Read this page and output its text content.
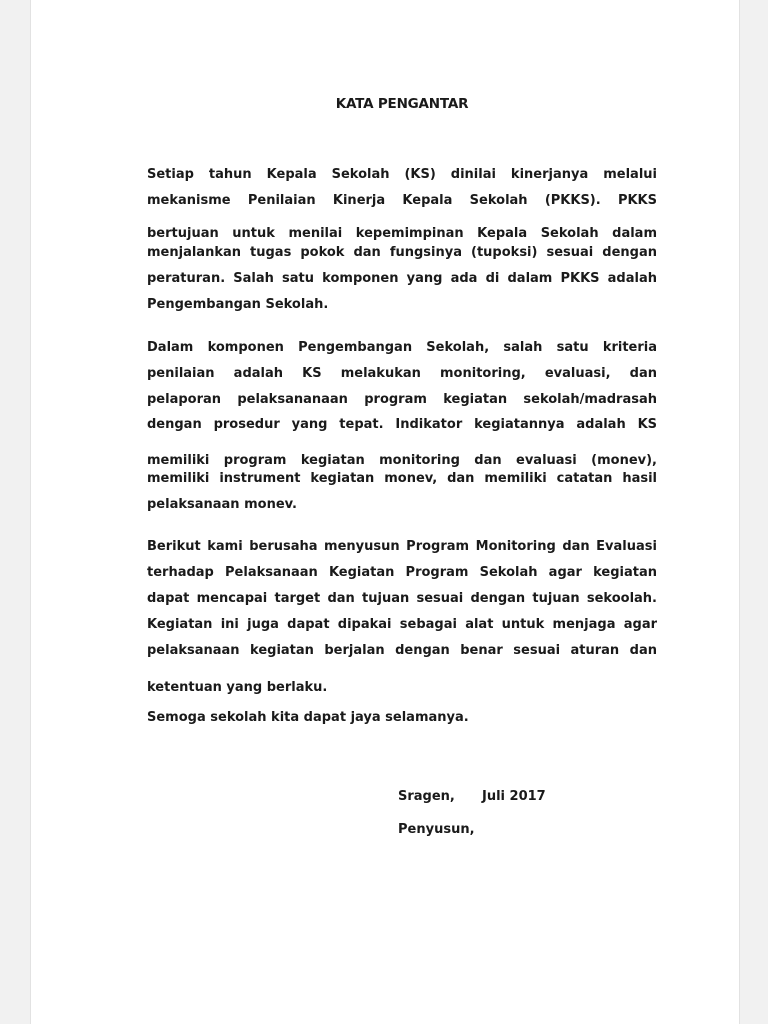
KATA PENGANTAR
Setiap tahun Kepala Sekolah (KS) dinilai kinerjanya melalui
mekanisme Penilaian Kinerja Kepala Sekolah (PKKS). PKKS
bertujuan untuk menilai kepemimpinan Kepala Sekolah dalam
menjalankan tugas pokok dan fungsinya (tupoksi) sesuai dengan
peraturan. Salah satu komponen yang ada di dalam PKKS adalah
Pengembangan Sekolah.
Dalam komponen Pengembangan Sekolah, salah satu kriteria
penilaian adalah KS melakukan monitoring, evaluasi, dan
pelaporan pelaksananaan program kegiatan sekolah/madrasah
dengan prosedur yang tepat. Indikator kegiatannya adalah KS
memiliki program kegiatan monitoring dan evaluasi (monev),
memiliki instrument kegiatan monev, dan memiliki catatan hasil
pelaksanaan monev.
Berikut kami berusaha menyusun Program Monitoring dan Evaluasi
terhadap Pelaksanaan Kegiatan Program Sekolah agar kegiatan
dapat mencapai target dan tujuan sesuai dengan tujuan sekoolah.
Kegiatan ini juga dapat dipakai sebagai alat untuk menjaga agar
pelaksanaan kegiatan berjalan dengan benar sesuai aturan dan
ketentuan yang berlaku.
Semoga sekolah kita dapat jaya selamanya.
Sragen, Juli 2017
Penyusun,
